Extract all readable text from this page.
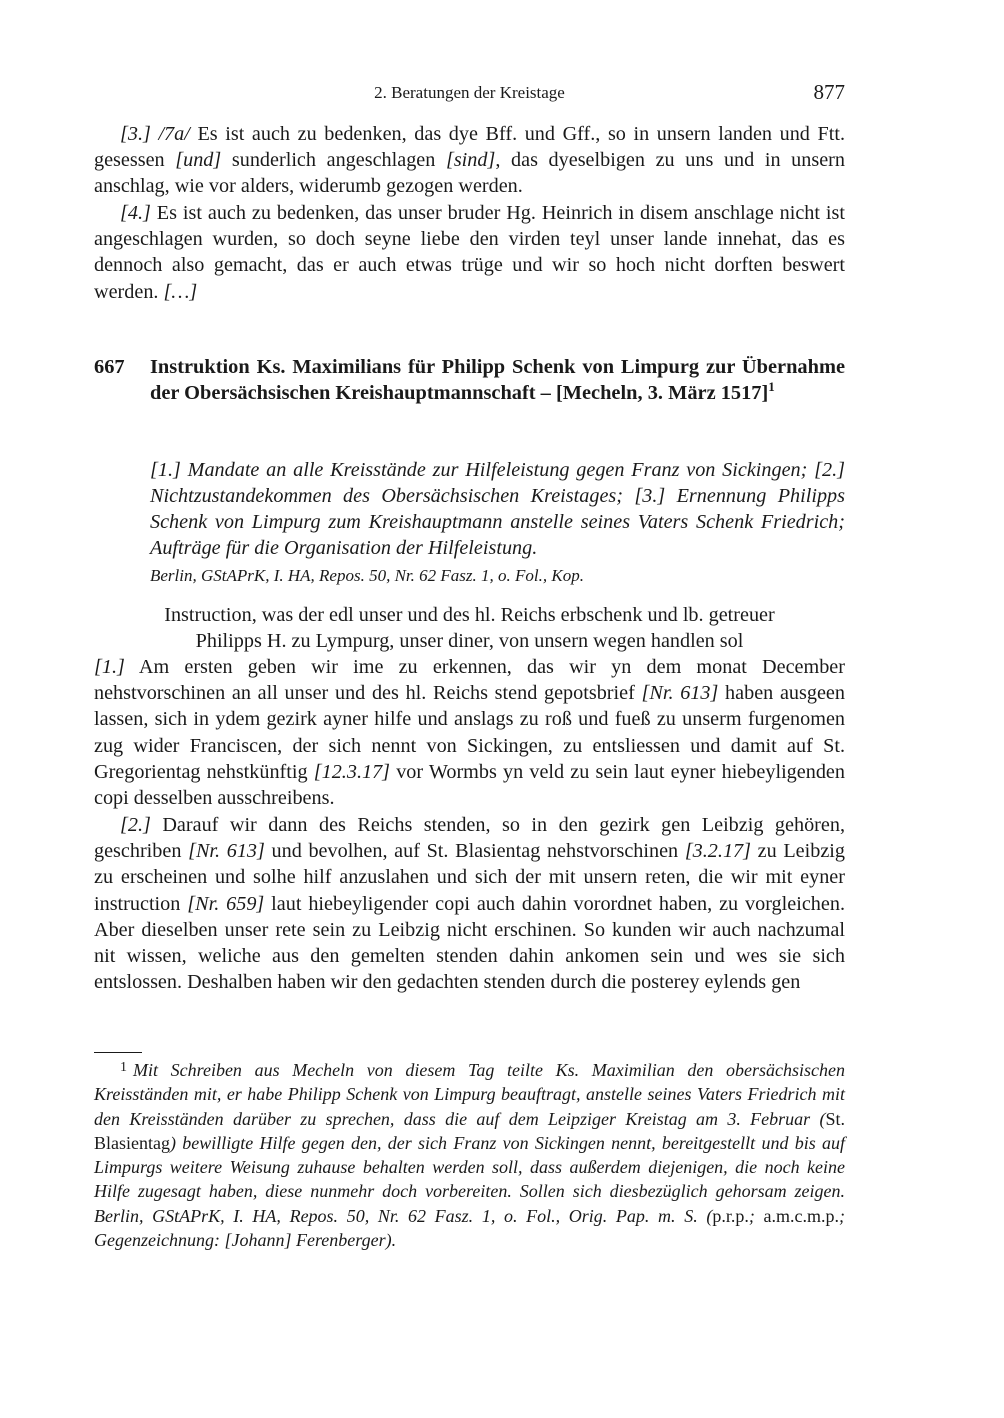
2. Beratungen der Kreistage	877

[3.] /7a/ Es ist auch zu bedenken, das dye Bff. und Gff., so in unsern landen und Ftt. gesessen [und] sunderlich angeschlagen [sind], das dyeselbigen zu uns und in unsern anschlag, wie vor alders, widerumb gezogen werden.

[4.] Es ist auch zu bedenken, das unser bruder Hg. Heinrich in disem anschlage nicht ist angeschlagen wurden, so doch seyne liebe den virden teyl unser lande innehat, das es dennoch also gemacht, das er auch etwas trüge und wir so hoch nicht dorften beswert werden. […]

667 Instruktion Ks. Maximilians für Philipp Schenk von Limpurg zur Übernahme der Obersächsischen Kreishauptmannschaft – [Mecheln, 3. März 1517]$^1$
[1.] Mandate an alle Kreisstände zur Hilfeleistung gegen Franz von Sickingen; [2.] Nichtzustandekommen des Obersächsischen Kreistages; [3.] Ernennung Philipps Schenk von Limpurg zum Kreishauptmann anstelle seines Vaters Schenk Friedrich; Aufträge für die Organisation der Hilfeleistung.
Berlin, GStAPrK, I. HA, Repos. 50, Nr. 62 Fasz. 1, o. Fol., Kop.
Instruction, was der edl unser und des hl. Reichs erbschenk und lb. getreuer
Philipps H. zu Lympurg, unser diner, von unsern wegen handlen sol

[1.] Am ersten geben wir ime zu erkennen, das wir yn dem monat December nehstvorschinen an all unser und des hl. Reichs stend gepotsbrief [Nr. 613] haben ausgeen lassen, sich in ydem gezirk ayner hilfe und anslags zu roß und fueß zu unserm furgenomen zug wider Franciscen, der sich nennt von Sickingen, zu entsliessen und damit auf St. Gregorientag nehstkünftig [12.3.17] vor Wormbs yn veld zu sein laut eyner hiebeyligenden copi desselben ausschreibens.

[2.] Darauf wir dann des Reichs stenden, so in den gezirk gen Leibzig gehören, geschriben [Nr. 613] und bevolhen, auf St. Blasientag nehstvorschinen [3.2.17] zu Leibzig zu erscheinen und solhe hilf anzuslahen und sich der mit unsern reten, die wir mit eyner instruction [Nr. 659] laut hiebeyligender copi auch dahin vorordnet haben, zu vorgleichen. Aber dieselben unser rete sein zu Leibzig nicht erschinen. So kunden wir auch nachzumal nit wissen, weliche aus den gemelten stenden dahin ankomen sein und wes sie sich entslossen. Deshalben haben wir den gedachten stenden durch die posterey eylends gen

$^1$ Mit Schreiben aus Mecheln von diesem Tag teilte Ks. Maximilian den obersächsischen Kreisständen mit, er habe Philipp Schenk von Limpurg beauftragt, anstelle seines Vaters Friedrich mit den Kreisständen darüber zu sprechen, dass die auf dem Leipziger Kreistag am 3. Februar (St. Blasientag) bewilligte Hilfe gegen den, der sich Franz von Sickingen nennt, bereitgestellt und bis auf Limpurgs weitere Weisung zuhause behalten werden soll, dass außerdem diejenigen, die noch keine Hilfe zugesagt haben, diese nunmehr doch vorbereiten. Sollen sich diesbezüglich gehorsam zeigen. Berlin, GStAPrK, I. HA, Repos. 50, Nr. 62 Fasz. 1, o. Fol., Orig. Pap. m. S. (p.r.p.; a.m.c.m.p.; Gegenzeichnung: [Johann] Ferenberger).
